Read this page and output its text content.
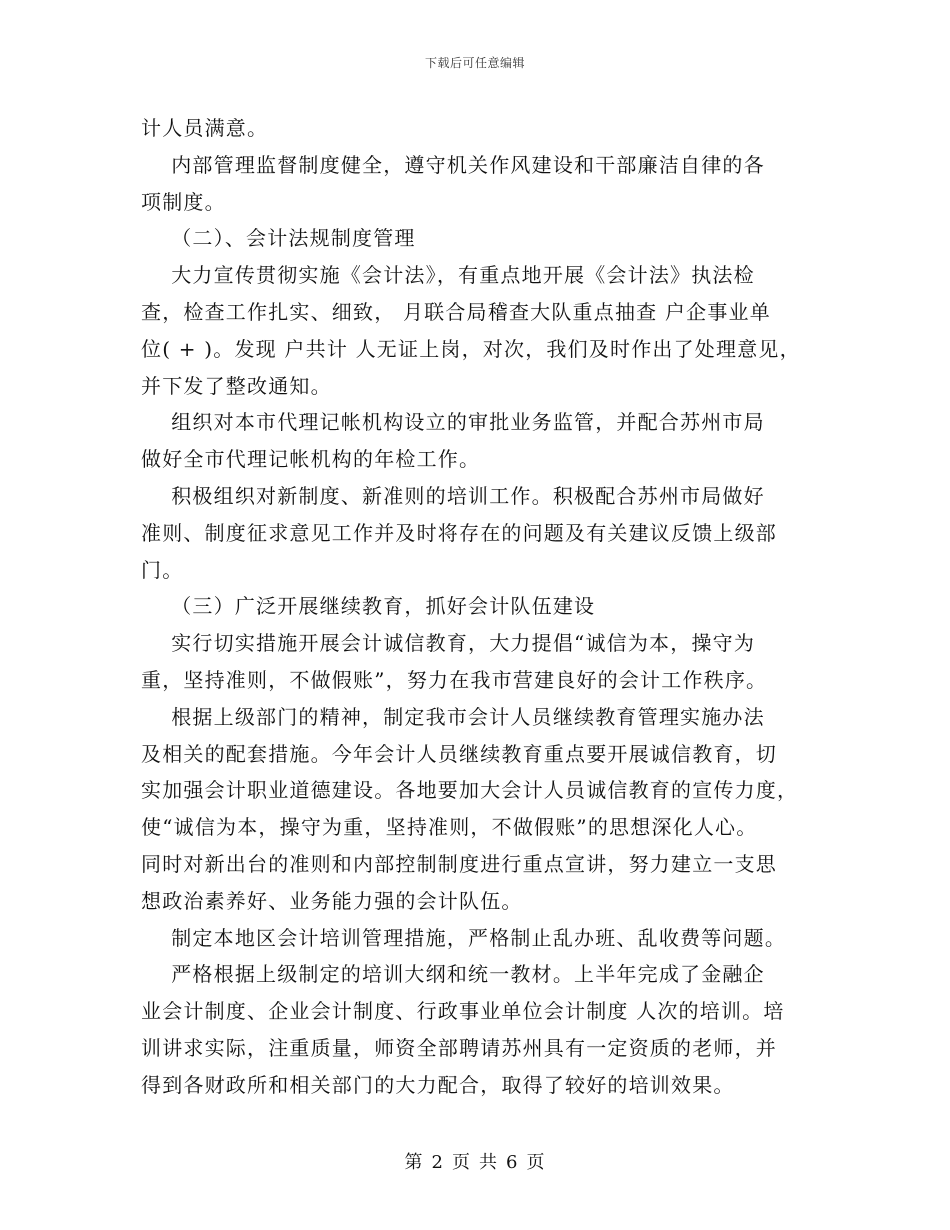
下载后可任意编辑
计人员满意。
内部管理监督制度健全，遵守机关作风建设和干部廉洁自律的各
项制度。
（二）、会计法规制度管理
大力宣传贯彻实施《会计法》，有重点地开展《会计法》执法检
查，检查工作扎实、细致， 月联合局稽查大队重点抽查 户企事业单
位( + )。发现 户共计 人无证上岗，对次，我们及时作出了处理意见，
并下发了整改通知。
组织对本市代理记帐机构设立的审批业务监管，并配合苏州市局
做好全市代理记帐机构的年检工作。
积极组织对新制度、新准则的培训工作。积极配合苏州市局做好
准则、制度征求意见工作并及时将存在的问题及有关建议反馈上级部
门。
（三）广泛开展继续教育，抓好会计队伍建设
实行切实措施开展会计诚信教育，大力提倡“诚信为本，操守为
重，坚持准则，不做假账”，努力在我市营建良好的会计工作秩序。
根据上级部门的精神，制定我市会计人员继续教育管理实施办法
及相关的配套措施。今年会计人员继续教育重点要开展诚信教育，切
实加强会计职业道德建设。各地要加大会计人员诚信教育的宣传力度，
使“诚信为本，操守为重，坚持准则，不做假账”的思想深化人心。
同时对新出台的准则和内部控制制度进行重点宣讲，努力建立一支思
想政治素养好、业务能力强的会计队伍。
制定本地区会计培训管理措施，严格制止乱办班、乱收费等问题。
严格根据上级制定的培训大纲和统一教材。上半年完成了金融企
业会计制度、企业会计制度、行政事业单位会计制度 人次的培训。培
训讲求实际，注重质量，师资全部聘请苏州具有一定资质的老师，并
得到各财政所和相关部门的大力配合，取得了较好的培训效果。
第 2 页 共 6 页
